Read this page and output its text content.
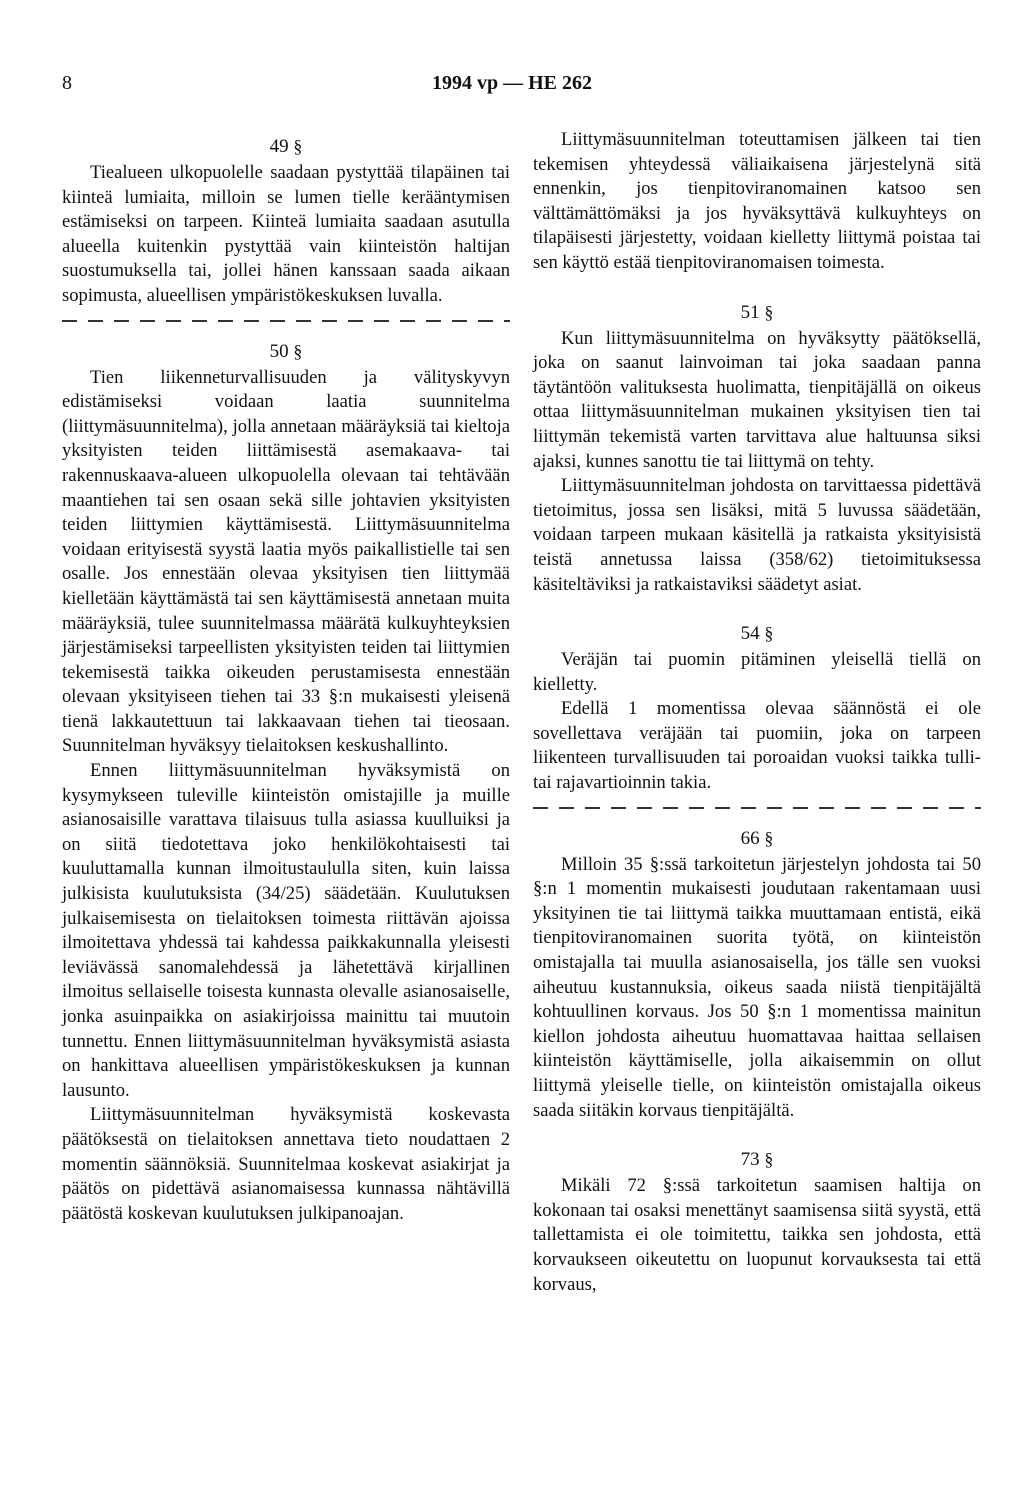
8	1994 vp — HE 262
49 §

Tiealueen ulkopuolelle saadaan pystyttää tilapäinen tai kiinteä lumiaita, milloin se lumen tielle kerääntymisen estämiseksi on tarpeen. Kiinteä lumiaita saadaan asutulla alueella kuitenkin pystyttää vain kiinteistön haltijan suostumuksella tai, jollei hänen kanssaan saada aikaan sopimusta, alueellisen ympäristökeskuksen luvalla.

50 §

Tien liikenneturvallisuuden ja välityskyvyn edistämiseksi voidaan laatia suunnitelma (liittymäsuunnitelma), jolla annetaan määräyksiä tai kieltoja yksityisten teiden liittämisestä asemakaava- tai rakennuskaava-alueen ulkopuolella olevaan tai tehtävään maantiehen tai sen osaan sekä sille johtavien yksityisten teiden liittymien käyttämisestä. Liittymäsuunnitelma voidaan erityisestä syystä laatia myös paikallistielle tai sen osalle. Jos ennestään olevaa yksityisen tien liittymää kielletään käyttämästä tai sen käyttämisestä annetaan muita määräyksiä, tulee suunnitelmassa määrätä kulkuyhteyksien järjestämiseksi tarpeellisten yksityisten teiden tai liittymien tekemisestä taikka oikeuden perustamisesta ennestään olevaan yksityiseen tiehen tai 33 §:n mukaisesti yleisenä tienä lakkautettuun tai lakkaavaan tiehen tai tieosaan. Suunnitelman hyväksyy tielaitoksen keskushallinto.

Ennen liittymäsuunnitelman hyväksymistä on kysymykseen tuleville kiinteistön omistajille ja muille asianosaisille varattava tilaisuus tulla asiassa kuulluiksi ja on siitä tiedotettava joko henkilökohtaisesti tai kuuluttamalla kunnan ilmoitustaululla siten, kuin laissa julkisista kuulutuksista (34/25) säädetään. Kuulutuksen julkaisemisesta on tielaitoksen toimesta riittävän ajoissa ilmoitettava yhdessä tai kahdessa paikkakunnalla yleisesti leviävässä sanomalehdessä ja lähetettävä kirjallinen ilmoitus sellaiselle toisesta kunnasta olevalle asianosaiselle, jonka asuinpaikka on asiakirjoissa mainittu tai muutoin tunnettu. Ennen liittymäsuunnitelman hyväksymistä asiasta on hankittava alueellisen ympäristökeskuksen ja kunnan lausunto.

Liittymäsuunnitelman hyväksymistä koskevasta päätöksestä on tielaitoksen annettava tieto noudattaen 2 momentin säännöksiä. Suunnitelmaa koskevat asiakirjat ja päätös on pidettävä asianomaisessa kunnassa nähtävillä päätöstä koskevan kuulutuksen julkipanoajan.

Liittymäsuunnitelman toteuttamisen jälkeen tai tien tekemisen yhteydessä väliaikaisena järjestelynä sitä ennenkin, jos tienpitoviranomainen katsoo sen välttämättömäksi ja jos hyväksyttävä kulkuyhteys on tilapäisesti järjestetty, voidaan kielletty liittymä poistaa tai sen käyttö estää tienpitoviranomaisen toimesta.

51 §

Kun liittymäsuunnitelma on hyväksytty päätöksellä, joka on saanut lainvoiman tai joka saadaan panna täytäntöön valituksesta huolimatta, tienpitäjällä on oikeus ottaa liittymäsuunnitelman mukainen yksityisen tien tai liittymän tekemistä varten tarvittava alue haltuunsa siksi ajaksi, kunnes sanottu tie tai liittymä on tehty.

Liittymäsuunnitelman johdosta on tarvittaessa pidettävä tietoimitus, jossa sen lisäksi, mitä 5 luvussa säädetään, voidaan tarpeen mukaan käsitellä ja ratkaista yksityisistä teistä annetussa laissa (358/62) tietoimituksessa käsiteltäviksi ja ratkaistaviksi säädetyt asiat.

54 §

Veräjän tai puomin pitäminen yleisellä tiellä on kielletty.

Edellä 1 momentissa olevaa säännöstä ei ole sovellettava veräjään tai puomiin, joka on tarpeen liikenteen turvallisuuden tai poroaidan vuoksi taikka tulli- tai rajavartioinnin takia.

66 §

Milloin 35 §:ssä tarkoitetun järjestelyn johdosta tai 50 §:n 1 momentin mukaisesti joudutaan rakentamaan uusi yksityinen tie tai liittymä taikka muuttamaan entistä, eikä tienpitoviranomainen suorita työtä, on kiinteistön omistajalla tai muulla asianosaisella, jos tälle sen vuoksi aiheutuu kustannuksia, oikeus saada niistä tienpitäjältä kohtuullinen korvaus. Jos 50 §:n 1 momentissa mainitun kiellon johdosta aiheutuu huomattavaa haittaa sellaisen kiinteistön käyttämiselle, jolla aikaisemmin on ollut liittymä yleiselle tielle, on kiinteistön omistajalla oikeus saada siitäkin korvaus tienpitäjältä.

73 §

Mikäli 72 §:ssä tarkoitetun saamisen haltija on kokonaan tai osaksi menettänyt saamisensa siitä syystä, että tallettamista ei ole toimitettu, taikka sen johdosta, että korvaukseen oikeutettu on luopunut korvauksesta tai että korvaus,
